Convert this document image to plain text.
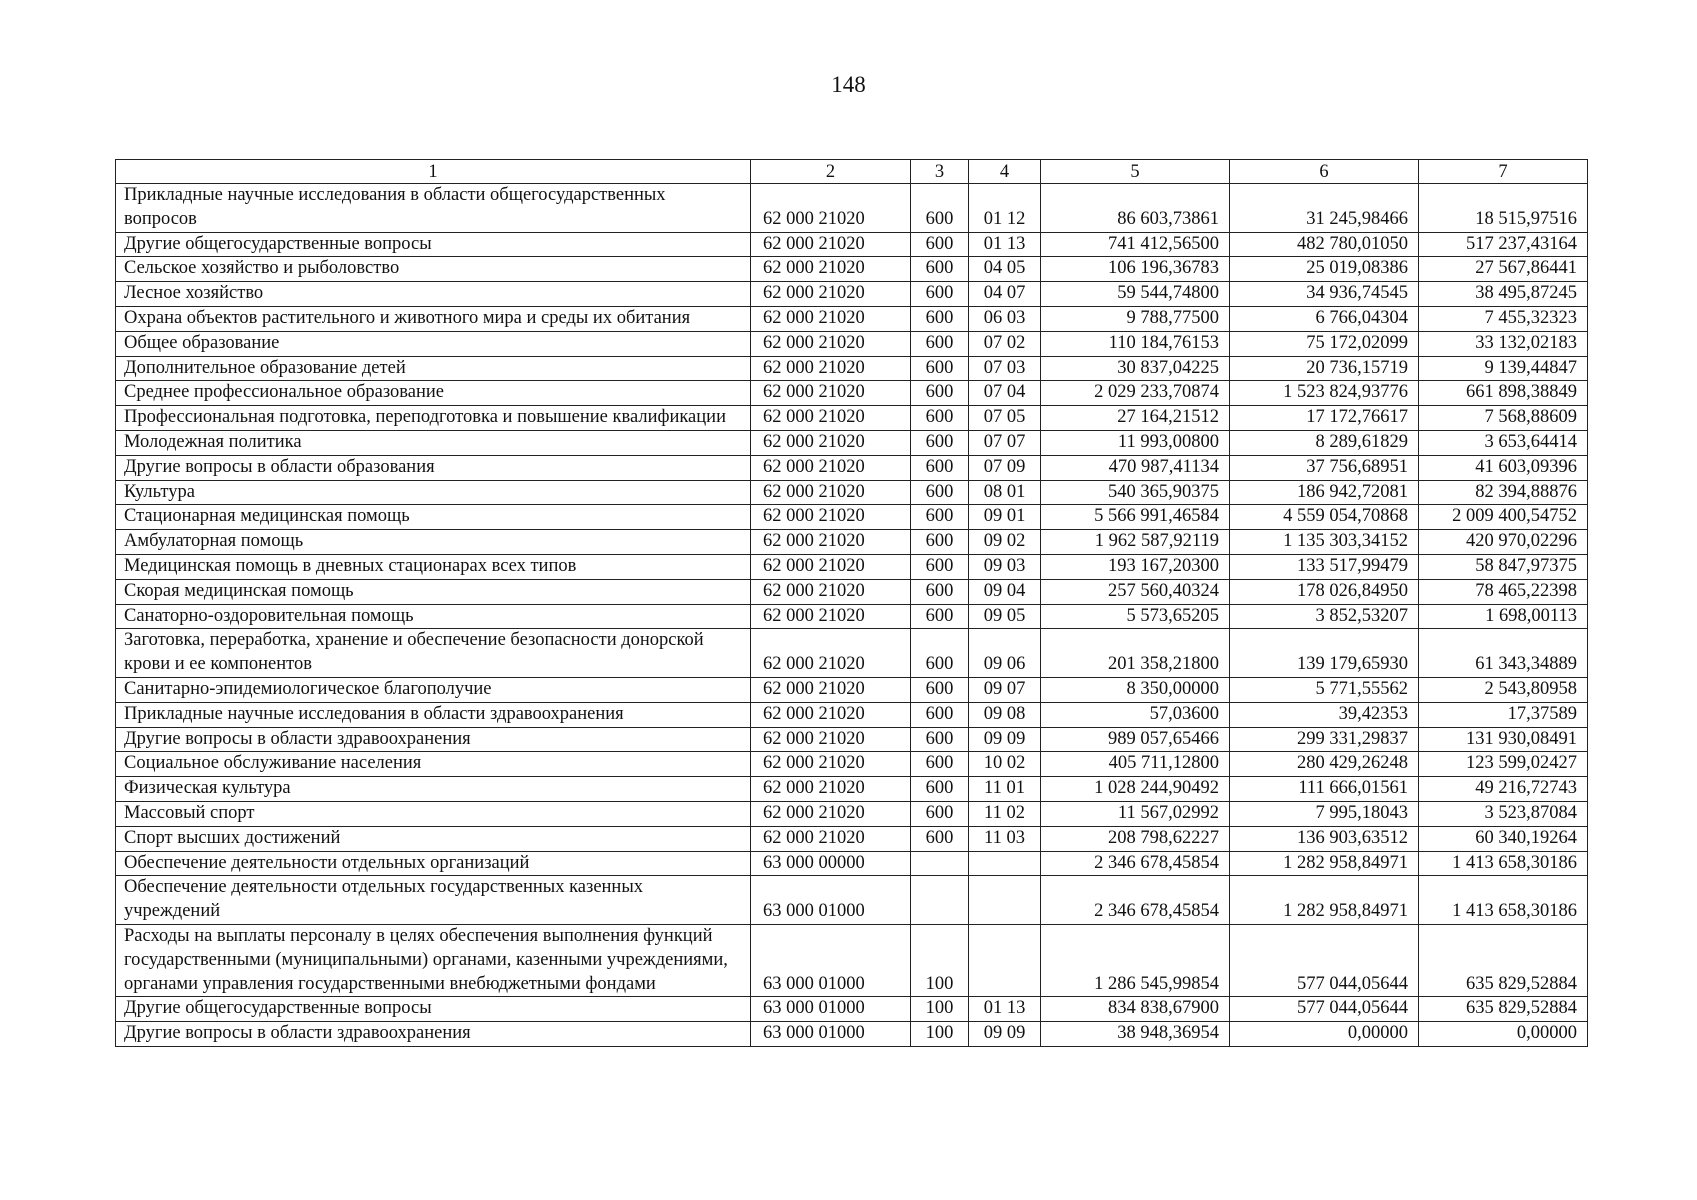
148
1	2	3	4	5	6	7
Прикладные научные исследования в области общегосударственных вопросов	62 000 21020	600	01 12	86 603,73861	31 245,98466	18 515,97516
Другие общегосударственные вопросы	62 000 21020	600	01 13	741 412,56500	482 780,01050	517 237,43164
Сельское хозяйство и рыболовство	62 000 21020	600	04 05	106 196,36783	25 019,08386	27 567,86441
Лесное хозяйство	62 000 21020	600	04 07	59 544,74800	34 936,74545	38 495,87245
Охрана объектов растительного и животного мира и среды их обитания	62 000 21020	600	06 03	9 788,77500	6 766,04304	7 455,32323
Общее образование	62 000 21020	600	07 02	110 184,76153	75 172,02099	33 132,02183
Дополнительное образование детей	62 000 21020	600	07 03	30 837,04225	20 736,15719	9 139,44847
Среднее профессиональное образование	62 000 21020	600	07 04	2 029 233,70874	1 523 824,93776	661 898,38849
Профессиональная подготовка, переподготовка и повышение квалификации	62 000 21020	600	07 05	27 164,21512	17 172,76617	7 568,88609
Молодежная политика	62 000 21020	600	07 07	11 993,00800	8 289,61829	3 653,64414
Другие вопросы в области образования	62 000 21020	600	07 09	470 987,41134	37 756,68951	41 603,09396
Культура	62 000 21020	600	08 01	540 365,90375	186 942,72081	82 394,88876
Стационарная медицинская помощь	62 000 21020	600	09 01	5 566 991,46584	4 559 054,70868	2 009 400,54752
Амбулаторная помощь	62 000 21020	600	09 02	1 962 587,92119	1 135 303,34152	420 970,02296
Медицинская помощь в дневных стационарах всех типов	62 000 21020	600	09 03	193 167,20300	133 517,99479	58 847,97375
Скорая медицинская помощь	62 000 21020	600	09 04	257 560,40324	178 026,84950	78 465,22398
Санаторно-оздоровительная помощь	62 000 21020	600	09 05	5 573,65205	3 852,53207	1 698,00113
Заготовка, переработка, хранение и обеспечение безопасности донорской крови и ее компонентов	62 000 21020	600	09 06	201 358,21800	139 179,65930	61 343,34889
Санитарно-эпидемиологическое благополучие	62 000 21020	600	09 07	8 350,00000	5 771,55562	2 543,80958
Прикладные научные исследования в области здравоохранения	62 000 21020	600	09 08	57,03600	39,42353	17,37589
Другие вопросы в области здравоохранения	62 000 21020	600	09 09	989 057,65466	299 331,29837	131 930,08491
Социальное обслуживание населения	62 000 21020	600	10 02	405 711,12800	280 429,26248	123 599,02427
Физическая культура	62 000 21020	600	11 01	1 028 244,90492	111 666,01561	49 216,72743
Массовый спорт	62 000 21020	600	11 02	11 567,02992	7 995,18043	3 523,87084
Спорт высших достижений	62 000 21020	600	11 03	208 798,62227	136 903,63512	60 340,19264
Обеспечение деятельности отдельных организаций	63 000 00000			2 346 678,45854	1 282 958,84971	1 413 658,30186
Обеспечение деятельности отдельных государственных казенных учреждений	63 000 01000			2 346 678,45854	1 282 958,84971	1 413 658,30186
Расходы на выплаты персоналу в целях обеспечения выполнения функций государственными (муниципальными) органами, казенными учреждениями, органами управления государственными внебюджетными фондами	63 000 01000	100		1 286 545,99854	577 044,05644	635 829,52884
Другие общегосударственные вопросы	63 000 01000	100	01 13	834 838,67900	577 044,05644	635 829,52884
Другие вопросы в области здравоохранения	63 000 01000	100	09 09	38 948,36954	0,00000	0,00000
